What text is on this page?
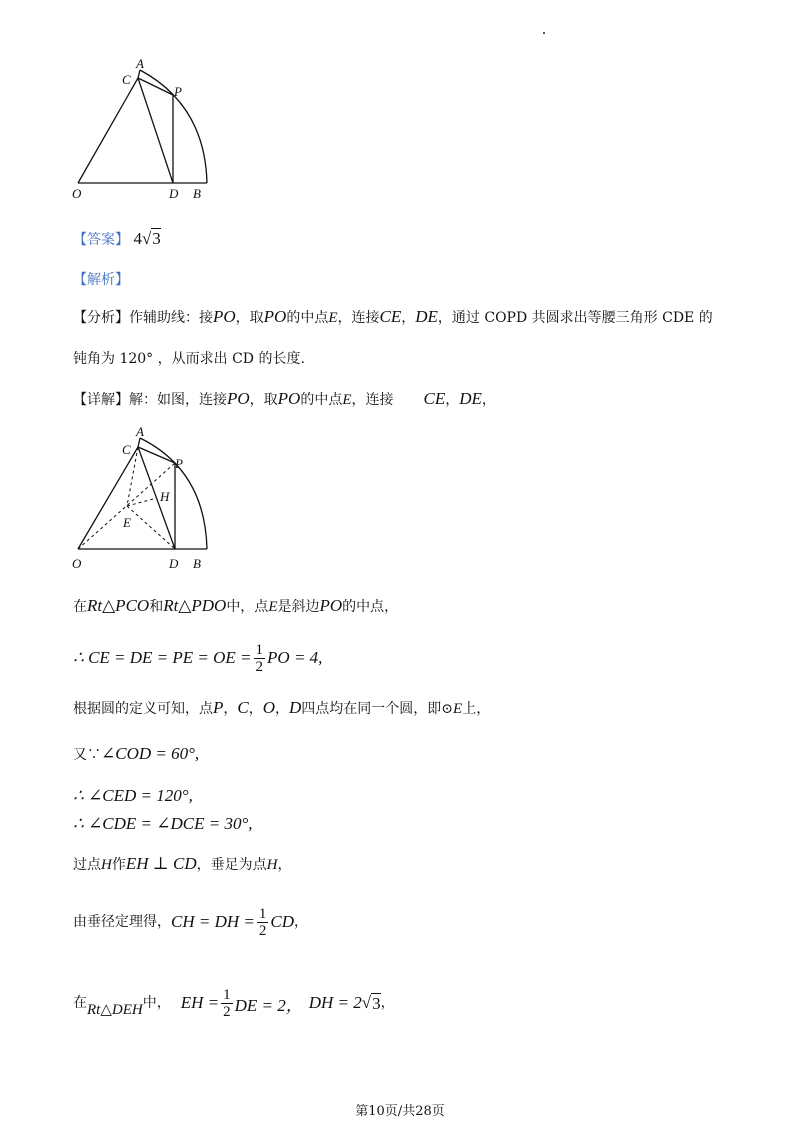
A
C
P
O	D B
【答案】 4√3
【解析】
【分析】作辅助线：接PO，取PO的中点E，连接CE，DE，通过 COPD 共圆求出等腰三角形 CDE 的
钝角为 120° ，从而求出 CD 的长度.
【详解】解：如图，连接PO，取PO的中点E，连接 CE，DE，
A
C
P
H
E
O	D B
在Rt△PCO和Rt△PDO中，点E是斜边PO的中点，
∴ CE = DE = PE = OE = $\frac{1}{2}$ PO = 4,
根据圆的定义可知，点P，C，O，D四点均在同一个圆，即⊙E上，
又∵∠COD = 60°,
∴ ∠CED = 120°,
∴ ∠CDE = ∠DCE = 30°,
过点H作EH ⊥ CD，垂足为点H，
由垂径定理得， CH = DH = $\frac{1}{2}$ CD ，
在 Rt△DEH 中， EH = $\frac{1}{2}$ DE = 2， DH = 2 √ 3 ，
第10页/共28页
